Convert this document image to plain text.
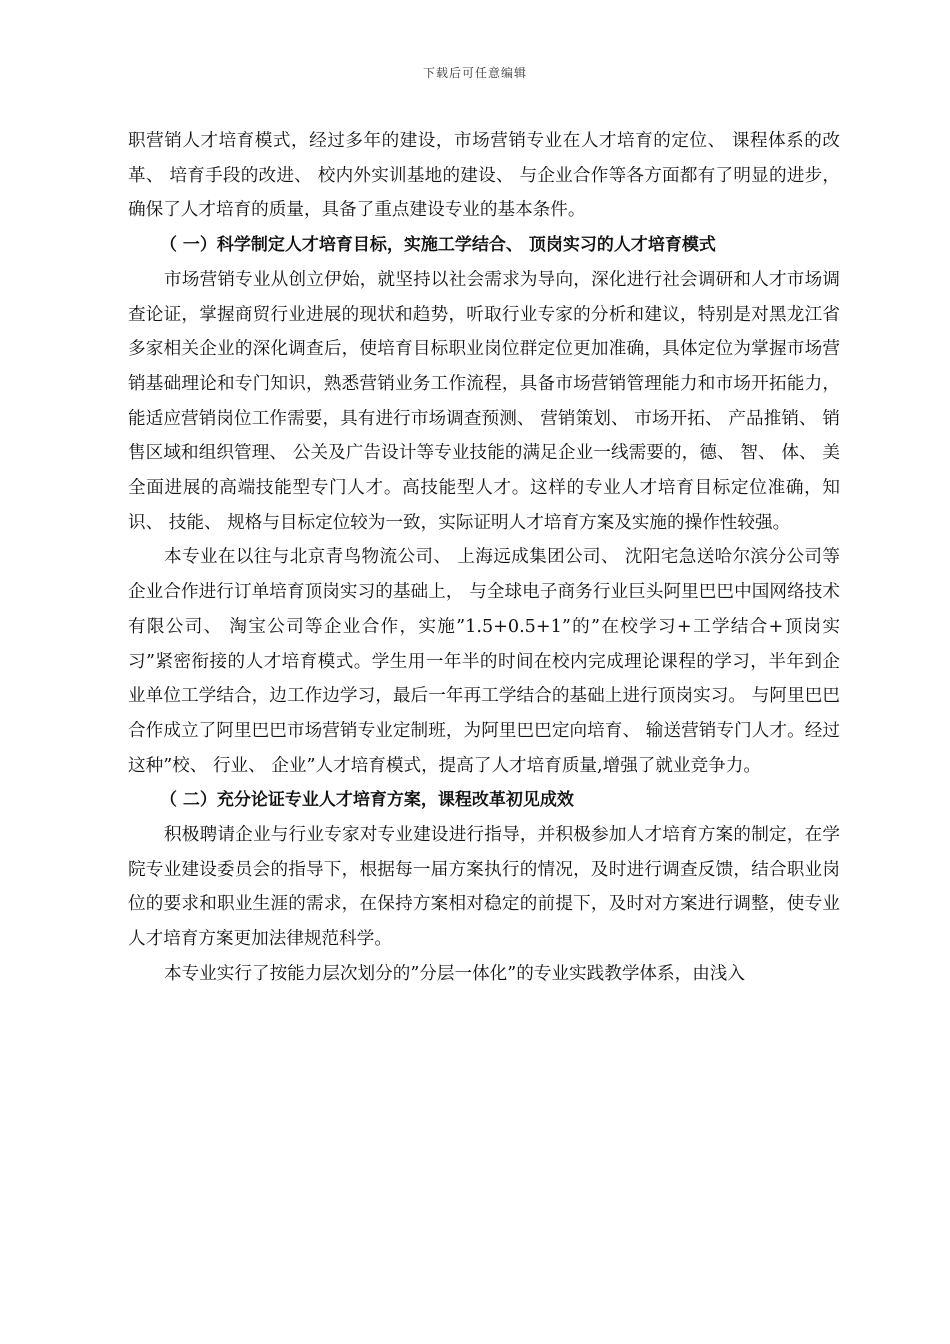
下载后可任意编辑

职营销人才培育模式，经过多年的建设，市场营销专业在人才培育的定位、 课程体系的改革、 培育手段的改进、 校内外实训基地的建设、 与企业合作等各方面都有了明显的进步，确保了人才培育的质量，具备了重点建设专业的基本条件。

（ 一）科学制定人才培育目标，实施工学结合、 顶岗实习的人才培育模式

市场营销专业从创立伊始，就坚持以社会需求为导向，深化进行社会调研和人才市场调查论证，掌握商贸行业进展的现状和趋势，听取行业专家的分析和建议，特别是对黑龙江省多家相关企业的深化调查后，使培育目标职业岗位群定位更加准确，具体定位为掌握市场营销基础理论和专门知识，熟悉营销业务工作流程，具备市场营销管理能力和市场开拓能力，能适应营销岗位工作需要，具有进行市场调查预测、 营销策划、 市场开拓、 产品推销、 销售区域和组织管理、 公关及广告设计等专业技能的满足企业一线需要的，德、 智、 体、 美全面进展的高端技能型专门人才。高技能型人才。这样的专业人才培育目标定位准确，知识、 技能、 规格与目标定位较为一致，实际证明人才培育方案及实施的操作性较强。

本专业在以往与北京青鸟物流公司、 上海远成集团公司、 沈阳宅急送哈尔滨分公司等企业合作进行订单培育顶岗实习的基础上， 与全球电子商务行业巨头阿里巴巴中国网络技术有限公司、 淘宝公司等企业合作，实施”1.5+0.5+1”的”在校学习+工学结合+顶岗实习”紧密衔接的人才培育模式。学生用一年半的时间在校内完成理论课程的学习，半年到企业单位工学结合，边工作边学习，最后一年再工学结合的基础上进行顶岗实习。 与阿里巴巴合作成立了阿里巴巴市场营销专业定制班，为阿里巴巴定向培育、 输送营销专门人才。经过这种”校、 行业、 企业”人才培育模式，提高了人才培育质量,增强了就业竞争力。

（ 二）充分论证专业人才培育方案，课程改革初见成效

积极聘请企业与行业专家对专业建设进行指导，并积极参加人才培育方案的制定，在学院专业建设委员会的指导下，根据每一届方案执行的情况，及时进行调查反馈，结合职业岗位的要求和职业生涯的需求，在保持方案相对稳定的前提下，及时对方案进行调整，使专业人才培育方案更加法律规范科学。

本专业实行了按能力层次划分的”分层一体化”的专业实践教学体系，由浅入
